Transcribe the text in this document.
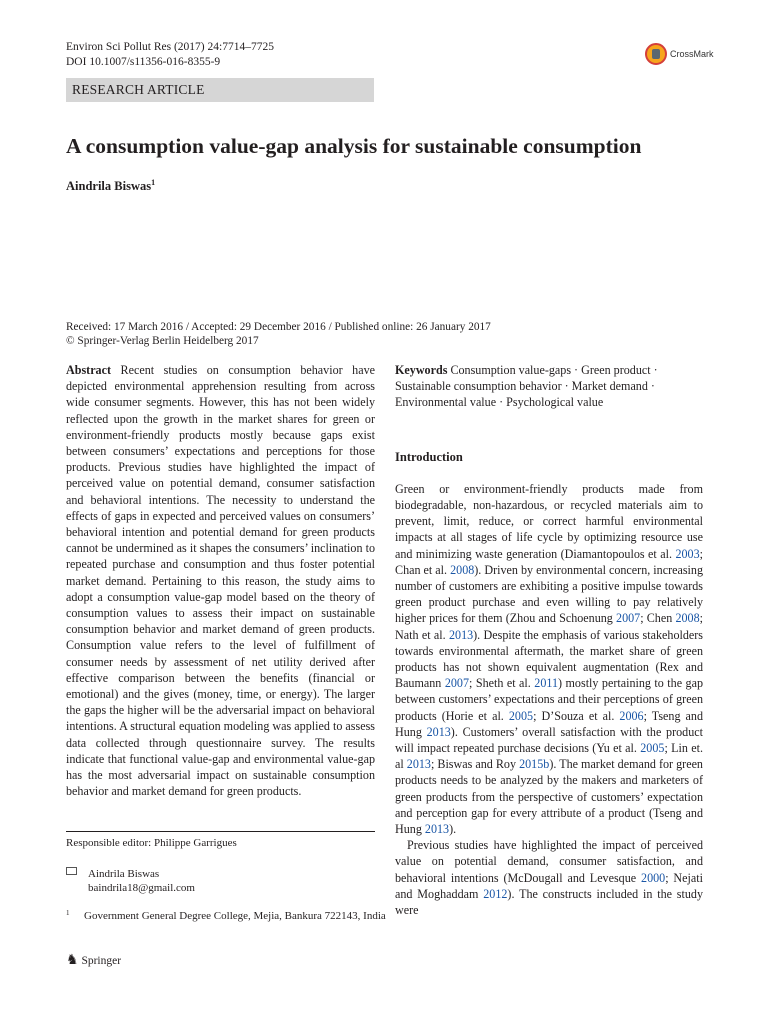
Environ Sci Pollut Res (2017) 24:7714–7725
DOI 10.1007/s11356-016-8355-9
CrossMark
RESEARCH ARTICLE
A consumption value-gap analysis for sustainable consumption
Aindrila Biswas$^1$
Received: 17 March 2016 / Accepted: 29 December 2016 / Published online: 26 January 2017
© Springer-Verlag Berlin Heidelberg 2017

Abstract Recent studies on consumption behavior have depicted environmental apprehension resulting from across wide consumer segments. However, this has not been widely reflected upon the growth in the market shares for green or environment-friendly products mostly because gaps exist between consumers’ expectations and perceptions for those products. Previous studies have highlighted the impact of perceived value on potential demand, consumer satisfaction and behavioral intentions. The necessity to understand the effects of gaps in expected and perceived values on consumers’ behavioral intention and potential demand for green products cannot be undermined as it shapes the consumers’ inclination to repeated purchase and consumption and thus foster potential market demand. Pertaining to this reason, the study aims to adopt a consumption value-gap model based on the theory of consumption values to assess their impact on sustainable consumption behavior and market demand of green products. Consumption value refers to the level of fulfillment of consumer needs by assessment of net utility derived after effective comparison between the benefits (financial or emotional) and the gives (money, time, or energy). The larger the gaps the higher will be the adversarial impact on behavioral intentions. A structural equation modeling was applied to assess data collected through questionnaire survey. The results indicate that functional value-gap and environmental value-gap has the most adversarial impact on sustainable consumption behavior and market demand for green products.

Responsible editor: Philippe Garrigues
Aindrila Biswas
baindrila18@gmail.com
1 Government General Degree College, Mejia, Bankura 722143, India
♞ Springer

Keywords Consumption value-gaps · Green product · Sustainable consumption behavior · Market demand · Environmental value · Psychological value

Introduction

Green or environment-friendly products made from biodegradable, non-hazardous, or recycled materials aim to prevent, limit, reduce, or correct harmful environmental impacts at all stages of life cycle by optimizing resource use and minimizing waste generation (Diamantopoulos et al. 2003; Chan et al. 2008). Driven by environmental concern, increasing number of customers are exhibiting a positive impulse towards green product purchase and even willing to pay relatively higher prices for them (Zhou and Schoenung 2007; Chen 2008; Nath et al. 2013). Despite the emphasis of various stakeholders towards environmental aftermath, the market share of green products has not shown equivalent augmentation (Rex and Baumann 2007; Sheth et al. 2011) mostly pertaining to the gap between customers’ expectations and their perceptions of green products (Horie et al. 2005; D’Souza et al. 2006; Tseng and Hung 2013). Customers’ overall satisfaction with the product will impact repeated purchase decisions (Yu et al. 2005; Lin et. al 2013; Biswas and Roy 2015b). The market demand for green products needs to be analyzed by the makers and marketers of green products from the perspective of customers’ expectation and perception gap for every attribute of a product (Tseng and Hung 2013).

Previous studies have highlighted the impact of perceived value on potential demand, consumer satisfaction, and behavioral intentions (McDougall and Levesque 2000; Nejati and Moghaddam 2012). The constructs included in the study were
